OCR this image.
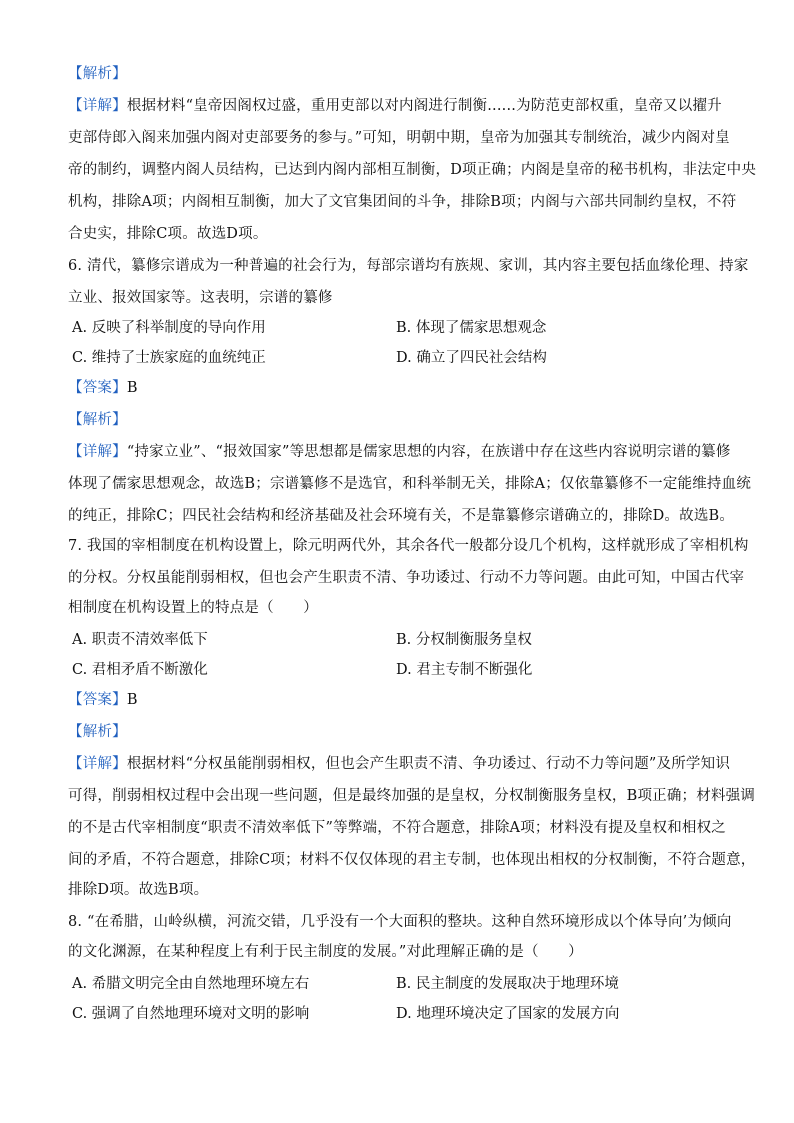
【解析】
【详解】根据材料“皇帝因阁权过盛，重用吏部以对内阁进行制衡......为防范吏部权重，皇帝又以擢升
吏部侍郎入阁来加强内阁对吏部要务的参与。”可知，明朝中期，皇帝为加强其专制统治，减少内阁对皇
帝的制约，调整内阁人员结构，已达到内阁内部相互制衡，D项正确；内阁是皇帝的秘书机构，非法定中央
机构，排除A项；内阁相互制衡，加大了文官集团间的斗争，排除B项；内阁与六部共同制约皇权，不符
合史实，排除C项。故选D项。
6. 清代，纂修宗谱成为一种普遍的社会行为，每部宗谱均有族规、家训，其内容主要包括血缘伦理、持家
立业、报效国家等。这表明，宗谱的纂修
A. 反映了科举制度的导向作用	B. 体现了儒家思想观念
C. 维持了士族家庭的血统纯正	D. 确立了四民社会结构
【答案】B
【解析】
【详解】“持家立业”、“报效国家”等思想都是儒家思想的内容，在族谱中存在这些内容说明宗谱的纂修
体现了儒家思想观念，故选B；宗谱纂修不是选官，和科举制无关，排除A；仅依靠纂修不一定能维持血统
的纯正，排除C；四民社会结构和经济基础及社会环境有关，不是靠纂修宗谱确立的，排除D。故选B。
7. 我国的宰相制度在机构设置上，除元明两代外，其余各代一般都分设几个机构，这样就形成了宰相机构
的分权。分权虽能削弱相权，但也会产生职责不清、争功诿过、行动不力等问题。由此可知，中国古代宰
相制度在机构设置上的特点是（　　）
A. 职责不清效率低下	B. 分权制衡服务皇权
C. 君相矛盾不断激化	D. 君主专制不断强化
【答案】B
【解析】
【详解】根据材料“分权虽能削弱相权，但也会产生职责不清、争功诿过、行动不力等问题”及所学知识
可得，削弱相权过程中会出现一些问题，但是最终加强的是皇权，分权制衡服务皇权，B项正确；材料强调
的不是古代宰相制度“职责不清效率低下”等弊端，不符合题意，排除A项；材料没有提及皇权和相权之
间的矛盾，不符合题意，排除C项；材料不仅仅体现的君主专制，也体现出相权的分权制衡，不符合题意，
排除D项。故选B项。
8. “在希腊，山岭纵横，河流交错，几乎没有一个大面积的整块。这种自然环境形成以个体导向’为倾向
的文化渊源，在某种程度上有利于民主制度的发展。”对此理解正确的是（　　）
A. 希腊文明完全由自然地理环境左右	B. 民主制度的发展取决于地理环境
C. 强调了自然地理环境对文明的影响	D. 地理环境决定了国家的发展方向
